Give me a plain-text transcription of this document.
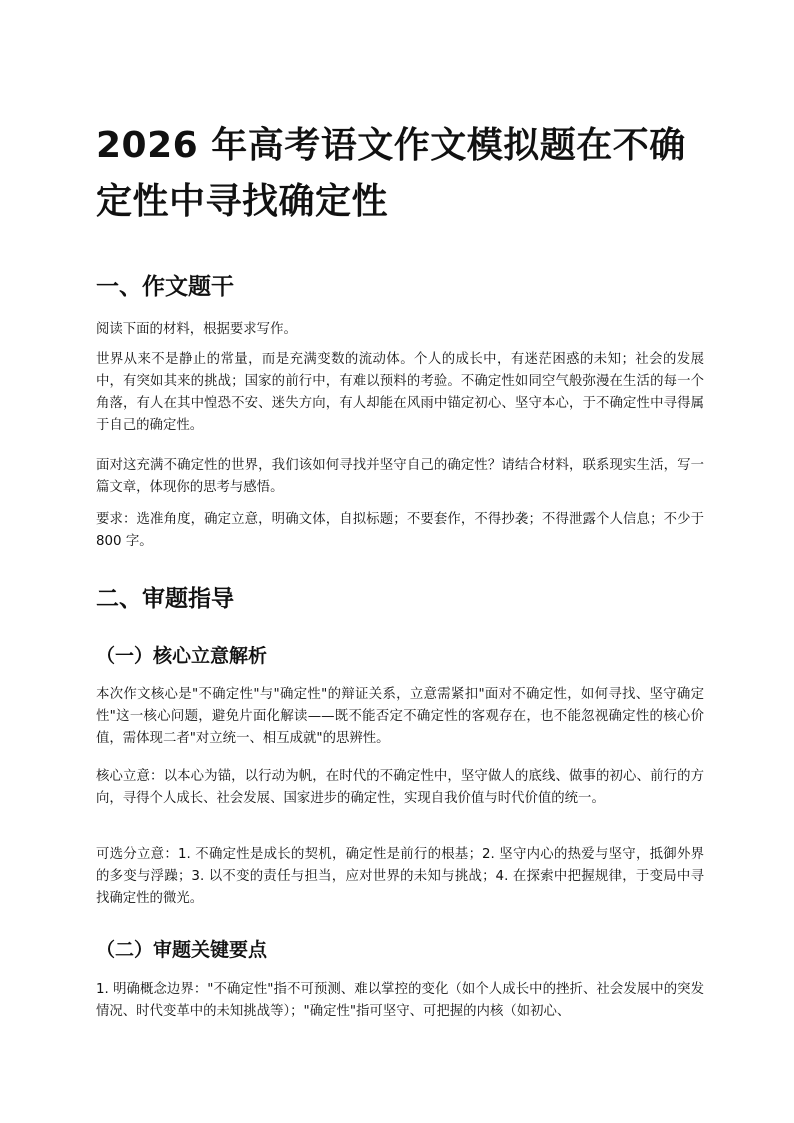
2026 年高考语文作文模拟题在不确定性中寻找确定性
一、作文题干

阅读下面的材料，根据要求写作。

世界从来不是静止的常量，而是充满变数的流动体。个人的成长中，有迷茫困惑的未知；社会的发展中，有突如其来的挑战；国家的前行中，有难以预料的考验。不确定性如同空气般弥漫在生活的每一个角落，有人在其中惶恐不安、迷失方向，有人却能在风雨中锚定初心、坚守本心，于不确定性中寻得属于自己的确定性。

面对这充满不确定性的世界，我们该如何寻找并坚守自己的确定性？请结合材料，联系现实生活，写一篇文章，体现你的思考与感悟。

要求：选准角度，确定立意，明确文体，自拟标题；不要套作，不得抄袭；不得泄露个人信息；不少于800 字。

二、审题指导
（一）核心立意解析

本次作文核心是"不确定性"与"确定性"的辩证关系，立意需紧扣"面对不确定性，如何寻找、坚守确定性"这一核心问题，避免片面化解读——既不能否定不确定性的客观存在，也不能忽视确定性的核心价值，需体现二者"对立统一、相互成就"的思辨性。

核心立意：以本心为锚，以行动为帆，在时代的不确定性中，坚守做人的底线、做事的初心、前行的方向，寻得个人成长、社会发展、国家进步的确定性，实现自我价值与时代价值的统一。

可选分立意：1. 不确定性是成长的契机，确定性是前行的根基；2. 坚守内心的热爱与坚守，抵御外界的多变与浮躁；3. 以不变的责任与担当，应对世界的未知与挑战；4. 在探索中把握规律，于变局中寻找确定性的微光。

（二）审题关键要点

1. 明确概念边界："不确定性"指不可预测、难以掌控的变化（如个人成长中的挫折、社会发展中的突发情况、时代变革中的未知挑战等）；"确定性"指可坚守、可把握的内核（如初心、
